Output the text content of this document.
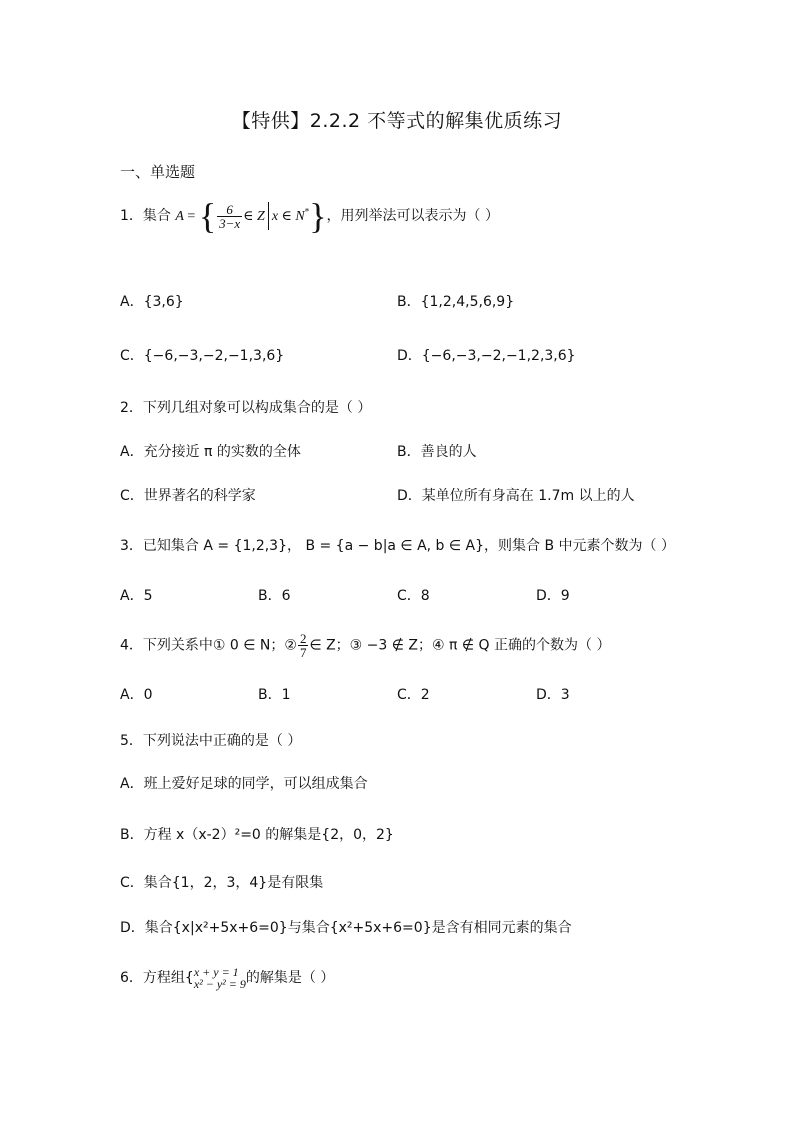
【特供】2.2.2 不等式的解集优质练习
一、单选题
1．集合 A = { $\frac{6}{3-x}$ ∈ Z x ∈ N*}，用列举法可以表示为（ ）
A．{3,6}	B．{1,2,4,5,6,9}
C．{−6,−3,−2,−1,3,6}	D．{−6,−3,−2,−1,2,3,6}
2．下列几组对象可以构成集合的是（ ）
A．充分接近 π 的实数的全体	B．善良的人
C．世界著名的科学家	D．某单位所有身高在 1.7m 以上的人
3．已知集合 A = {1,2,3}， B = {a − b|a ∈ A, b ∈ A}，则集合 B 中元素个数为（ ）
A．5	B．6	C．8	D．9
4．下列关系中① 0 ∈ N；② $\frac{2}{7}$ ∈ Z；③ −3 ∉ Z；④ π ∉ Q 正确的个数为（ ）
A．0	B．1	C．2	D．3
5．下列说法中正确的是（ ）
A．班上爱好足球的同学，可以组成集合
B．方程 x（x-2）²=0 的解集是{2，0，2}
C．集合{1，2，3，4}是有限集
D．集合{x|x²+5x+6=0}与集合{x²+5x+6=0}是含有相同元素的集合
6．方程组{ x + y = 1
x² − y² = 9 的解集是（ ）
